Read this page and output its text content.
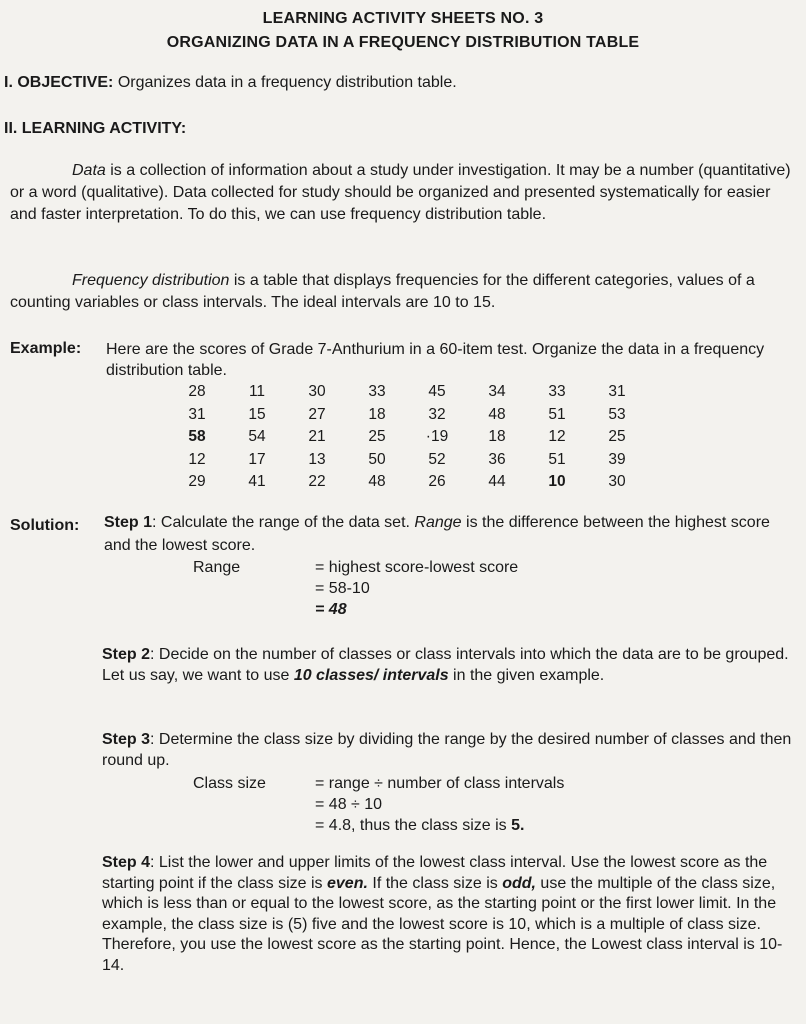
LEARNING ACTIVITY SHEETS NO. 3
ORGANIZING DATA IN A FREQUENCY DISTRIBUTION TABLE
I. OBJECTIVE: Organizes data in a frequency distribution table.
II. LEARNING ACTIVITY:

Data is a collection of information about a study under investigation. It may be a number (quantitative) or a word (qualitative). Data collected for study should be organized and presented systematically for easier and faster interpretation. To do this, we can use frequency distribution table.

Frequency distribution is a table that displays frequencies for the different categories, values of a counting variables or class intervals. The ideal intervals are 10 to 15.

Example: Here are the scores of Grade 7-Anthurium in a 60-item test. Organize the data in a frequency distribution table.

28	11	30	33	45	34	33	31
31	15	27	18	32	48	51	53
58	54	21	25	·19	18	12	25
12	17	13	50	52	36	51	39
29	41	22	48	26	44	10	30
Solution: Step 1: Calculate the range of the data set. Range is the difference between the highest score and the lowest score.

Range	= highest score-lowest score
= 58-10
= 48

Step 2: Decide on the number of classes or class intervals into which the data are to be grouped. Let us say, we want to use 10 classes/ intervals in the given example.

Step 3: Determine the class size by dividing the range by the desired number of classes and then round up.

Class size	= range ÷ number of class intervals
= 48 ÷ 10
= 4.8, thus the class size is 5.

Step 4: List the lower and upper limits of the lowest class interval. Use the lowest score as the starting point if the class size is even. If the class size is odd, use the multiple of the class size, which is less than or equal to the lowest score, as the starting point or the first lower limit. In the example, the class size is (5) five and the lowest score is 10, which is a multiple of class size. Therefore, you use the lowest score as the starting point. Hence, the Lowest class interval is 10-14.
